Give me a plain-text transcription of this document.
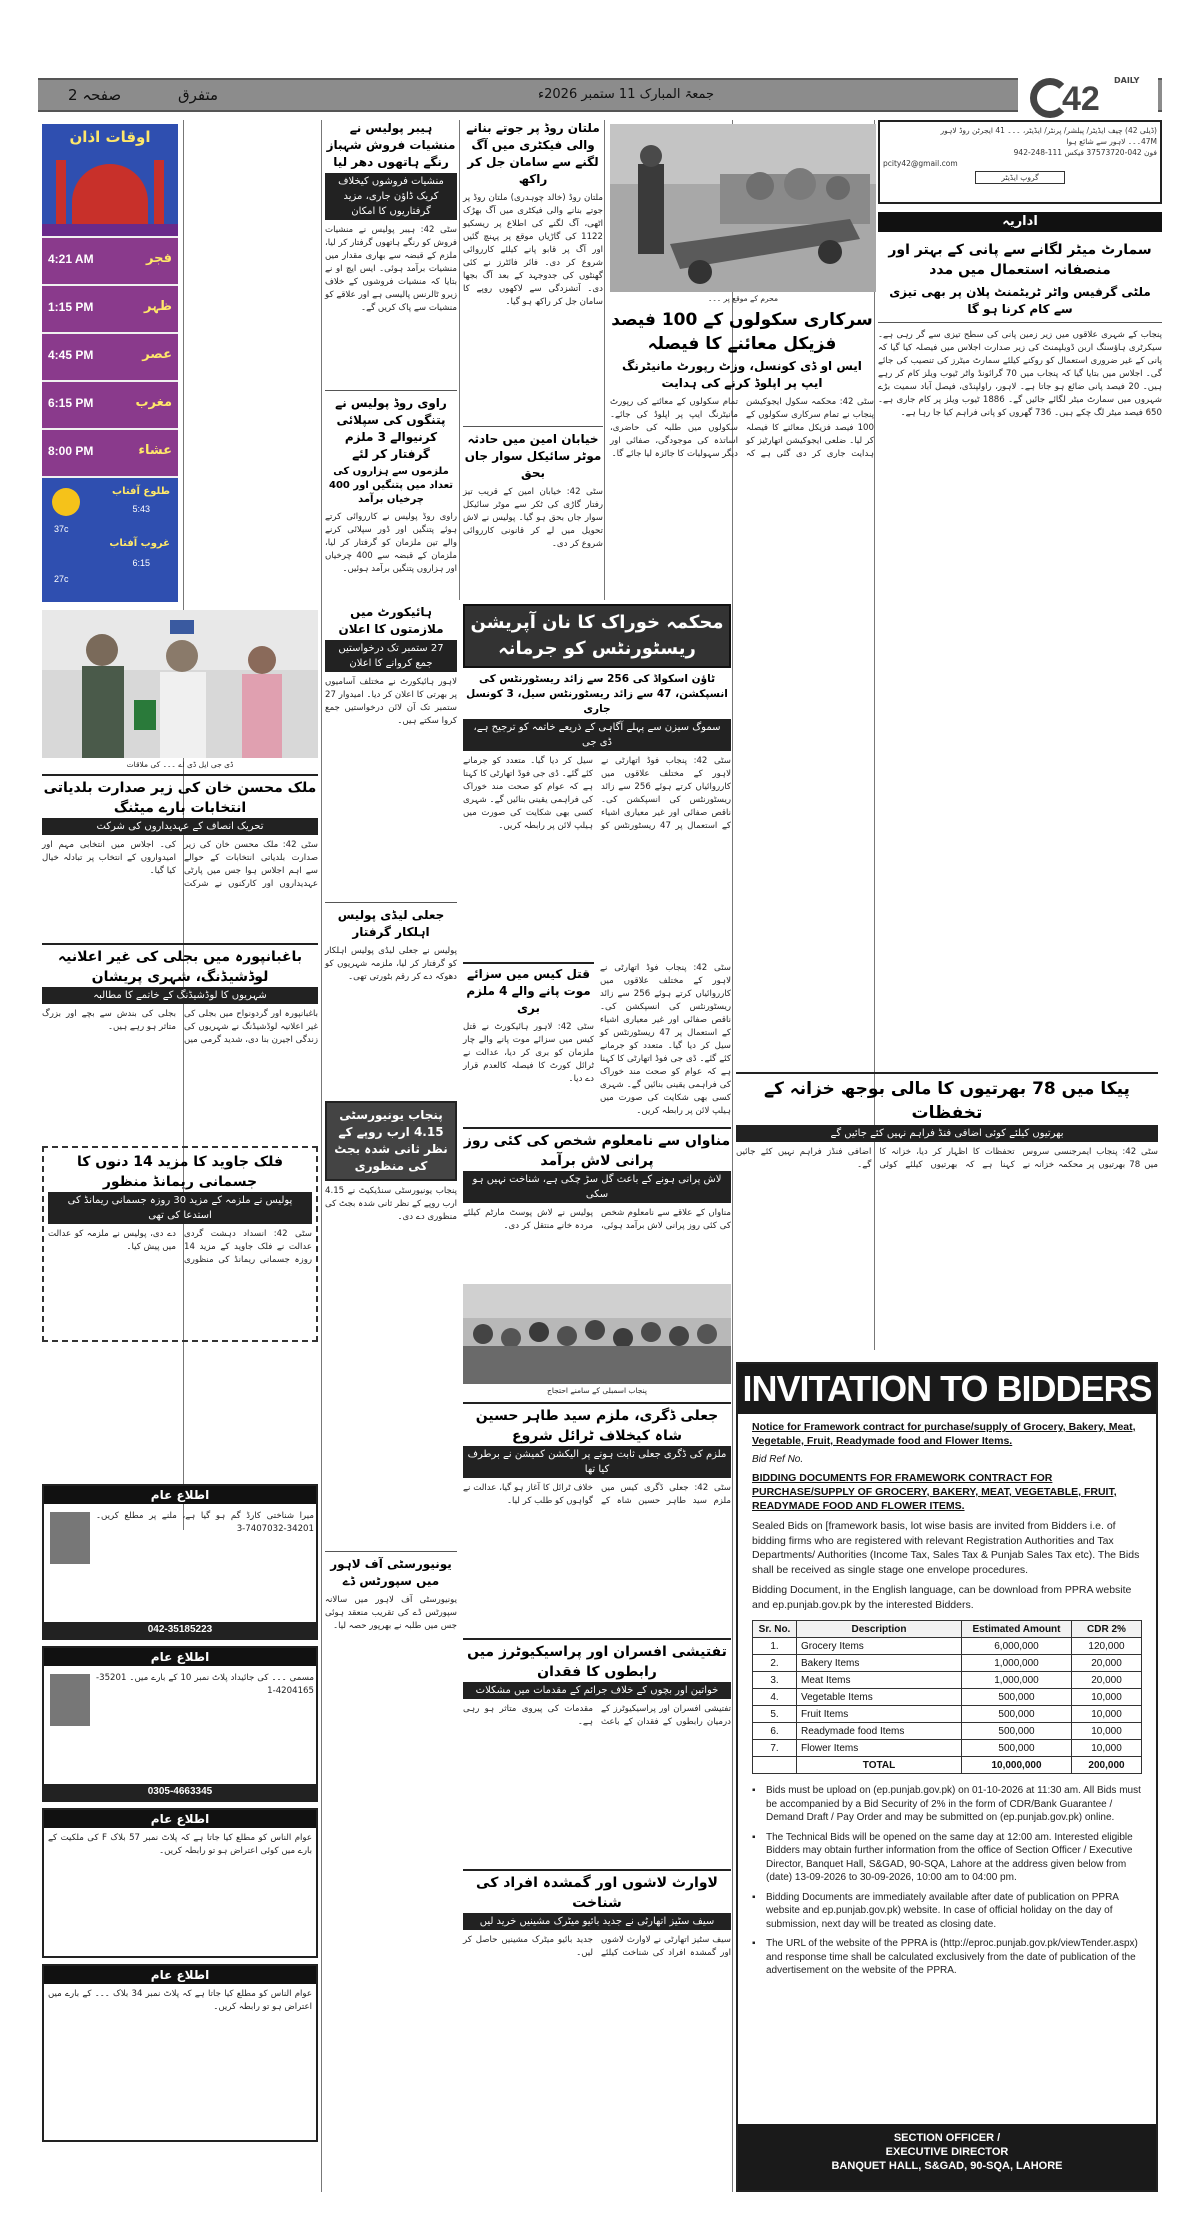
صفحہ 2	متفرق	جمعۃ المبارک 11 ستمبر 2026ء	42 DAILY
(ڈیلی 42) چیف ایڈیٹر/ پبلشر/ پرنٹر/ ایڈیٹر، ۔۔۔ 41 ایجرٹن روڈ لاہور
47M۔۔۔ لاہور سے شائع ہوا
فون 042-37573720 فیکس 111-248-942
pcity42@gmail.com
گروپ ایڈیٹر
اداریہ
سمارٹ میٹر لگانے سے پانی کے بہتر اور منصفانہ استعمال میں مدد
ملٹی گرفیس واٹر ٹریٹمنٹ پلان پر بھی تیزی سے کام کرنا ہو گا
پنجاب کے شہری علاقوں میں زیر زمین پانی کی سطح تیزی سے گر رہی ہے۔ سیکرٹری ہاؤسنگ اربن ڈویلپمنٹ کی زیر صدارت اجلاس میں فیصلہ کیا گیا کہ پانی کے غیر ضروری استعمال کو روکنے کیلئے سمارٹ میٹرز کی تنصیب کی جائے گی۔ اجلاس میں بتایا گیا کہ پنجاب میں 70 گرائونڈ واٹر ٹیوب ویلز کام کر رہے ہیں۔ 20 فیصد پانی ضائع ہو جاتا ہے۔ لاہور، راولپنڈی، فیصل آباد سمیت بڑے شہروں میں سمارٹ میٹر لگائے جائیں گے۔ 1886 ٹیوب ویلز پر کام جاری ہے۔ 650 فیصد میٹر لگ چکے ہیں۔ 736 گھروں کو پانی فراہم کیا جا رہا ہے۔
پیکا میں 78 بھرتیوں کا مالی بوجھ خزانہ کے تخفظات
بھرتیوں کیلئے کوئی اضافی فنڈ فراہم نہیں کئے جائیں گے
سٹی 42: پنجاب ایمرجنسی سروس میں 78 بھرتیوں پر محکمہ خزانہ نے تحفظات کا اظہار کر دیا، خزانہ کا کہنا ہے کہ بھرتیوں کیلئے کوئی اضافی فنڈز فراہم نہیں کئے جائیں گے۔
محرم کے موقع پر ۔۔۔
سرکاری سکولوں کے 100 فیصد فزیکل معائنے کا فیصلہ
ایس او ڈی کونسل، وزٹ رپورٹ مانیٹرنگ ایپ پر اپلوڈ کرنے کی ہدایت
سٹی 42: محکمہ سکول ایجوکیشن پنجاب نے تمام سرکاری سکولوں کے 100 فیصد فزیکل معائنے کا فیصلہ کر لیا۔ ضلعی ایجوکیشن اتھارٹیز کو ہدایت جاری کر دی گئی ہے کہ تمام سکولوں کے معائنے کی رپورٹ مانیٹرنگ ایپ پر اپلوڈ کی جائے۔ سکولوں میں طلبہ کی حاضری، اساتذہ کی موجودگی، صفائی اور دیگر سہولیات کا جائزہ لیا جائے گا۔
ملتان روڈ پر جوتے بنانے والی فیکٹری میں آگ لگنے سے سامان جل کر راکھ
ملتان روڈ (خالد چوہدری) ملتان روڈ پر جوتے بنانے والی فیکٹری میں آگ بھڑک اٹھی، آگ لگنے کی اطلاع پر ریسکیو 1122 کی گاڑیاں موقع پر پہنچ گئیں اور آگ پر قابو پانے کیلئے کارروائی شروع کر دی۔ فائر فائٹرز نے کئی گھنٹوں کی جدوجہد کے بعد آگ بجھا دی۔ آتشزدگی سے لاکھوں روپے کا سامان جل کر راکھ ہو گیا۔
خیابان امین میں حادثہ موٹر سائیکل سوار جاں بحق
سٹی 42: خیابان امین کے قریب تیز رفتار گاڑی کی ٹکر سے موٹر سائیکل سوار جاں بحق ہو گیا۔ پولیس نے لاش تحویل میں لے کر قانونی کارروائی شروع کر دی۔
ہیبر پولیس نے منشیات فروش شہباز رنگے ہاتھوں دھر لیا
منشیات فروشوں کیخلاف کریک ڈاؤن جاری، مزید گرفتاریوں کا امکان
سٹی 42: ہیبر پولیس نے منشیات فروش کو رنگے ہاتھوں گرفتار کر لیا، ملزم کے قبضہ سے بھاری مقدار میں منشیات برآمد ہوئی۔ ایس ایچ او نے بتایا کہ منشیات فروشوں کے خلاف زیرو ٹالرنس پالیسی ہے اور علاقے کو منشیات سے پاک کریں گے۔
راوی روڈ پولیس نے پتنگوں کی سپلائی کرنیوالے 3 ملزم گرفتار کر لئے
ملزموں سے ہزاروں کی تعداد میں پتنگیں اور 400 چرخیاں برآمد
راوی روڈ پولیس نے کارروائی کرتے ہوئے پتنگیں اور ڈور سپلائی کرنے والے تین ملزمان کو گرفتار کر لیا، ملزمان کے قبضہ سے 400 چرخیاں اور ہزاروں پتنگیں برآمد ہوئیں۔
اوقات اذان
فجر
4:21 AM
ظہر
1:15 PM
عصر
4:45 PM
مغرب
6:15 PM
عشاء
8:00 PM
طلوع آفتاب
5:43
غروب آفتاب
6:15
37c
27c
محکمہ خوراک کا نان آپریشن ریسٹورنٹس کو جرمانہ
ٹاؤن اسکواڈ کی 256 سے زائد ریسٹورنٹس کی انسپکشن، 47 سے زائد ریسٹورنٹس سیل، 3 کونسل جاری
سموگ سیزن سے پہلے آگاہی کے ذریعے خاتمہ کو ترجیح ہے، ڈی جی
سٹی 42: پنجاب فوڈ اتھارٹی نے لاہور کے مختلف علاقوں میں کارروائیاں کرتے ہوئے 256 سے زائد ریسٹورنٹس کی انسپکشن کی۔ ناقص صفائی اور غیر معیاری اشیاء کے استعمال پر 47 ریسٹورنٹس کو سیل کر دیا گیا۔ متعدد کو جرمانے کئے گئے۔ ڈی جی فوڈ اتھارٹی کا کہنا ہے کہ عوام کو صحت مند خوراک کی فراہمی یقینی بنائیں گے۔ شہری کسی بھی شکایت کی صورت میں ہیلپ لائن پر رابطہ کریں۔
ہائیکورٹ میں ملازمتوں کا اعلان
27 ستمبر تک درخواستیں جمع کروانے کا اعلان
لاہور ہائیکورٹ نے مختلف آسامیوں پر بھرتی کا اعلان کر دیا۔ امیدوار 27 ستمبر تک آن لائن درخواستیں جمع کروا سکتے ہیں۔
جعلی لیڈی پولیس اہلکار گرفتار
پولیس نے جعلی لیڈی پولیس اہلکار کو گرفتار کر لیا، ملزمہ شہریوں کو دھوکہ دے کر رقم بٹورتی تھی۔
پنجاب یونیورسٹی 4.15 ارب روپے کے نظر ثانی شدہ بجٹ کی منظوری
پنجاب یونیورسٹی سنڈیکیٹ نے 4.15 ارب روپے کے نظر ثانی شدہ بجٹ کی منظوری دے دی۔
یونیورسٹی آف لاہور میں سپورٹس ڈے
یونیورسٹی آف لاہور میں سالانہ سپورٹس ڈے کی تقریب منعقد ہوئی جس میں طلبہ نے بھرپور حصہ لیا۔
ڈی جی ایل ڈی اے ۔۔۔ کی ملاقات
ملک محسن خان کی زیر صدارت بلدیاتی انتخابات بارے میٹنگ
تحریک انصاف کے عہدیداروں کی شرکت
سٹی 42: ملک محسن خان کی زیر صدارت بلدیاتی انتخابات کے حوالے سے اہم اجلاس ہوا جس میں پارٹی عہدیداروں اور کارکنوں نے شرکت کی۔ اجلاس میں انتخابی مہم اور امیدواروں کے انتخاب پر تبادلہ خیال کیا گیا۔
باغبانپورہ میں بجلی کی غیر اعلانیہ لوڈشیڈنگ، شہری پریشان
شہریوں کا لوڈشیڈنگ کے خاتمے کا مطالبہ
باغبانپورہ اور گردونواح میں بجلی کی غیر اعلانیہ لوڈشیڈنگ نے شہریوں کی زندگی اجیرن بنا دی، شدید گرمی میں بجلی کی بندش سے بچے اور بزرگ متاثر ہو رہے ہیں۔
فلک جاوید کا مزید 14 دنوں کا جسمانی ریمانڈ منظور
پولیس نے ملزمہ کے مزید 30 روزہ جسمانی ریمانڈ کی استدعا کی تھی
سٹی 42: انسداد دہشت گردی عدالت نے فلک جاوید کے مزید 14 روزہ جسمانی ریمانڈ کی منظوری دے دی، پولیس نے ملزمہ کو عدالت میں پیش کیا۔
اطلاع عام
میرا شناختی کارڈ گم ہو گیا ہے، ملنے پر مطلع کریں۔ 34201-7407032-3
042-35185223
اطلاع عام
مسمی ۔۔۔ کی جائیداد پلاٹ نمبر 10 کے بارے میں۔ 35201-4204165-1
0305-4663345
اطلاع عام
عوام الناس کو مطلع کیا جاتا ہے کہ پلاٹ نمبر 57 بلاک F کی ملکیت کے بارے میں کوئی اعتراض ہو تو رابطہ کریں۔
اطلاع عام
عوام الناس کو مطلع کیا جاتا ہے کہ پلاٹ نمبر 34 بلاک ۔۔۔ کے بارے میں اعتراض ہو تو رابطہ کریں۔
قتل کیس میں سزائے موت پانے والے 4 ملزم بری
سٹی 42: لاہور ہائیکورٹ نے قتل کیس میں سزائے موت پانے والے چار ملزمان کو بری کر دیا، عدالت نے ٹرائل کورٹ کا فیصلہ کالعدم قرار دے دیا۔
سٹی 42: پنجاب فوڈ اتھارٹی نے لاہور کے مختلف علاقوں میں کارروائیاں کرتے ہوئے 256 سے زائد ریسٹورنٹس کی انسپکشن کی۔ ناقص صفائی اور غیر معیاری اشیاء کے استعمال پر 47 ریسٹورنٹس کو سیل کر دیا گیا۔ متعدد کو جرمانے کئے گئے۔ ڈی جی فوڈ اتھارٹی کا کہنا ہے کہ عوام کو صحت مند خوراک کی فراہمی یقینی بنائیں گے۔ شہری کسی بھی شکایت کی صورت میں ہیلپ لائن پر رابطہ کریں۔
مناواں سے نامعلوم شخص کی کئی روز پرانی لاش برآمد
لاش پرانی ہونے کے باعث گل سڑ چکی ہے، شناخت نہیں ہو سکی
مناواں کے علاقے سے نامعلوم شخص کی کئی روز پرانی لاش برآمد ہوئی، پولیس نے لاش پوسٹ مارٹم کیلئے مردہ خانے منتقل کر دی۔
پنجاب اسمبلی کے سامنے احتجاج
جعلی ڈگری، ملزم سید طاہر حسین شاہ کیخلاف ٹرائل شروع
ملزم کی ڈگری جعلی ثابت ہونے پر الیکشن کمیشن نے برطرف کیا تھا
سٹی 42: جعلی ڈگری کیس میں ملزم سید طاہر حسین شاہ کے خلاف ٹرائل کا آغاز ہو گیا، عدالت نے گواہوں کو طلب کر لیا۔
تفتیشی افسران اور پراسیکیوٹرز میں رابطوں کا فقدان
خواتین اور بچوں کے خلاف جرائم کے مقدمات میں مشکلات
تفتیشی افسران اور پراسیکیوٹرز کے درمیان رابطوں کے فقدان کے باعث مقدمات کی پیروی متاثر ہو رہی ہے۔
لاوارث لاشوں اور گمشدہ افراد کی شناخت
سیف سٹیز اتھارٹی نے جدید بائیو میٹرک مشینیں خرید لیں
سیف سٹیز اتھارٹی نے لاوارث لاشوں اور گمشدہ افراد کی شناخت کیلئے جدید بائیو میٹرک مشینیں حاصل کر لیں۔
INVITATION TO BIDDERS
Notice for Framework contract for purchase/supply of Grocery, Bakery, Meat, Vegetable, Fruit, Readymade food and Flower Items.
Bid Ref No.
BIDDING DOCUMENTS FOR FRAMEWORK CONTRACT FOR PURCHASE/SUPPLY OF GROCERY, BAKERY, MEAT, VEGETABLE, FRUIT, READYMADE FOOD AND FLOWER ITEMS.
Sealed Bids on [framework basis, lot wise basis are invited from Bidders i.e. of bidding firms who are registered with relevant Registration Authorities and Tax Departments/ Authorities (Income Tax, Sales Tax & Punjab Sales Tax etc). The Bids shall be received as single stage one envelope procedures.
Bidding Document, in the English language, can be download from PPRA website and ep.punjab.gov.pk by the interested Bidders.
Sr. No.	Description	Estimated Amount	CDR 2%
1.	Grocery Items	6,000,000	120,000
2.	Bakery Items	1,000,000	20,000
3.	Meat Items	1,000,000	20,000
4.	Vegetable Items	500,000	10,000
5.	Fruit Items	500,000	10,000
6.	Readymade food Items	500,000	10,000
7.	Flower Items	500,000	10,000
	TOTAL	10,000,000	200,000
▪ Bids must be upload on (ep.punjab.gov.pk) on 01-10-2026 at 11:30 am. All Bids must be accompanied by a Bid Security of 2% in the form of CDR/Bank Guarantee / Demand Draft / Pay Order and may be submitted on (ep.punjab.gov.pk) online.
▪ The Technical Bids will be opened on the same day at 12:00 am. Interested eligible Bidders may obtain further information from the office of Section Officer / Executive Director, Banquet Hall, S&GAD, 90-SQA, Lahore at the address given below from (date) 13-09-2026 to 30-09-2026, 10:00 am to 04:00 pm.
▪ Bidding Documents are immediately available after date of publication on PPRA website and ep.punjab.gov.pk) website. In case of official holiday on the day of submission, next day will be treated as closing date.
▪ The URL of the website of the PPRA is (http://eproc.punjab.gov.pk/viewTender.aspx) and response time shall be calculated exclusively from the date of publication of the advertisement on the website of the PPRA.
SECTION OFFICER /
EXECUTIVE DIRECTOR
BANQUET HALL, S&GAD, 90-SQA, LAHORE
